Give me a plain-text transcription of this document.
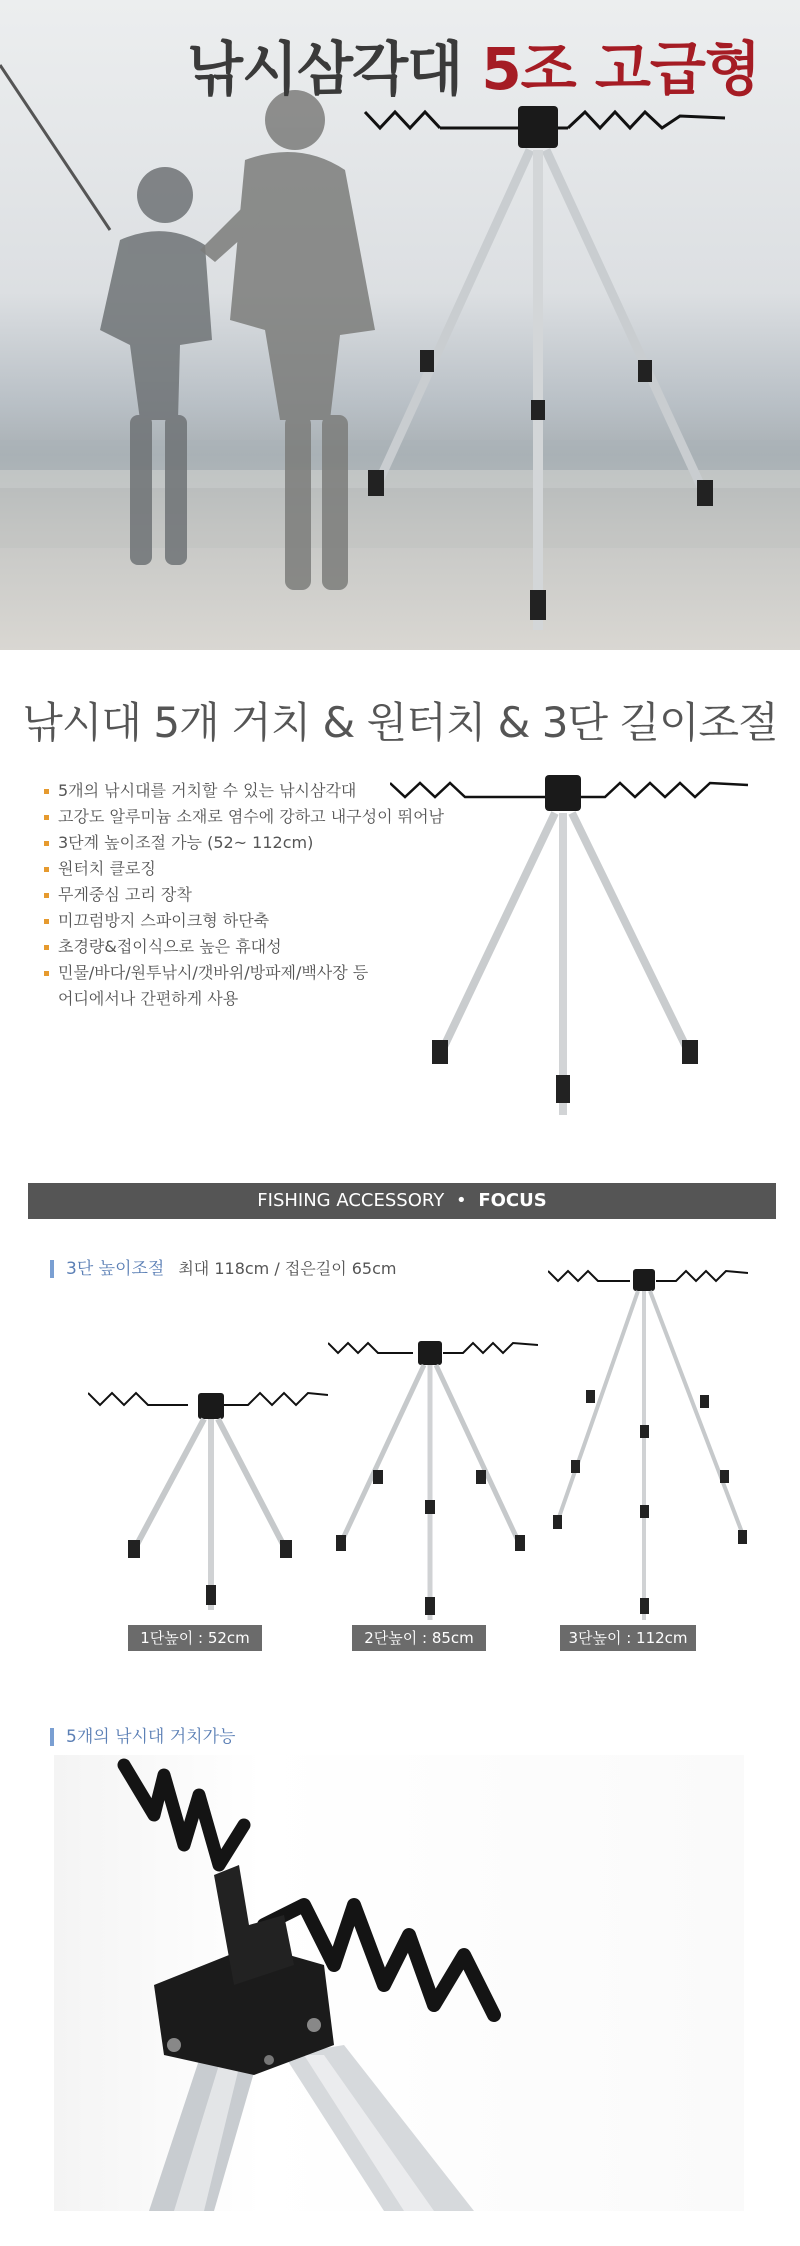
낚시삼각대 5조 고급형
낚시대 5개 거치 & 원터치 & 3단 길이조절
5개의 낚시대를 거치할 수 있는 낚시삼각대
고강도 알루미늄 소재로 염수에 강하고 내구성이 뛰어남
3단계 높이조절 가능 (52~ 112cm)
원터치 클로징
무게중심 고리 장착
미끄럼방지 스파이크형 하단축
초경량&접이식으로 높은 휴대성
민물/바다/원투낚시/갯바위/방파제/백사장 등
어디에서나 간편하게 사용
FISHING ACCESSORY • FOCUS
3단 높이조절 최대 118cm / 접은길이 65cm
1단높이 : 52cm	2단높이 : 85cm	3단높이 : 112cm
5개의 낚시대 거치가능
